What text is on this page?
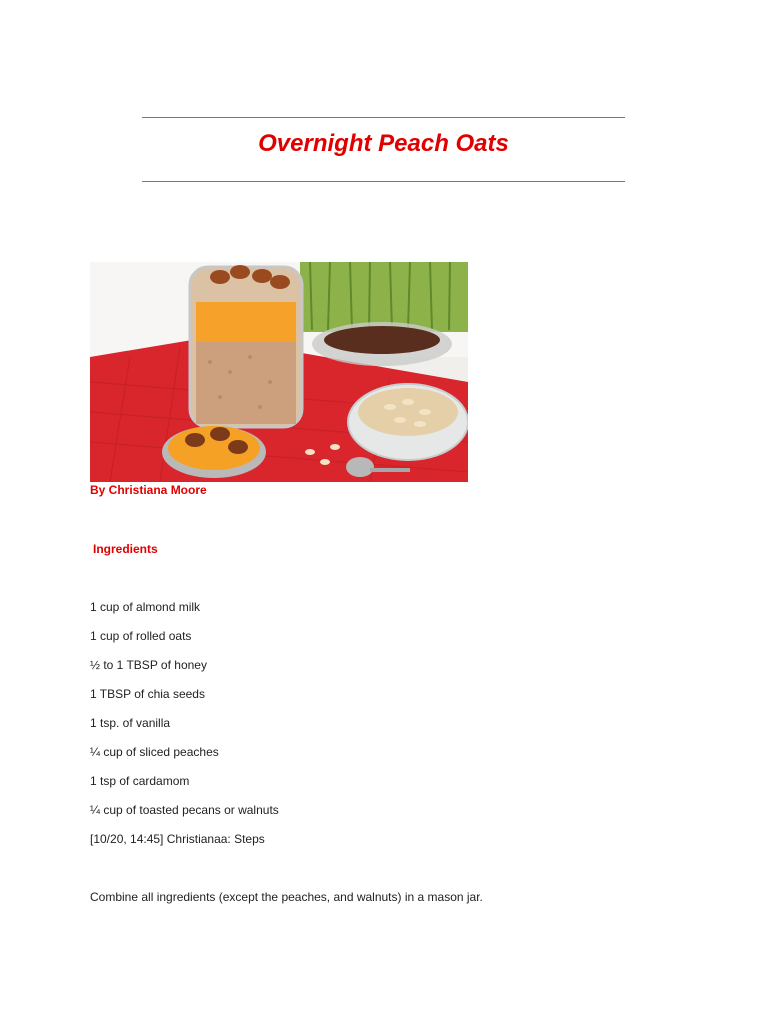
Overnight Peach Oats

By Christiana Moore

Ingredients

1 cup of almond milk
1 cup of rolled oats
½ to 1 TBSP of honey
1 TBSP of chia seeds
1 tsp. of vanilla
¼ cup of sliced peaches
1 tsp of cardamom
¼ cup of toasted pecans or walnuts

[10/20, 14:45] Christianaa: Steps

Combine all ingredients (except the peaches, and walnuts) in a mason jar.
